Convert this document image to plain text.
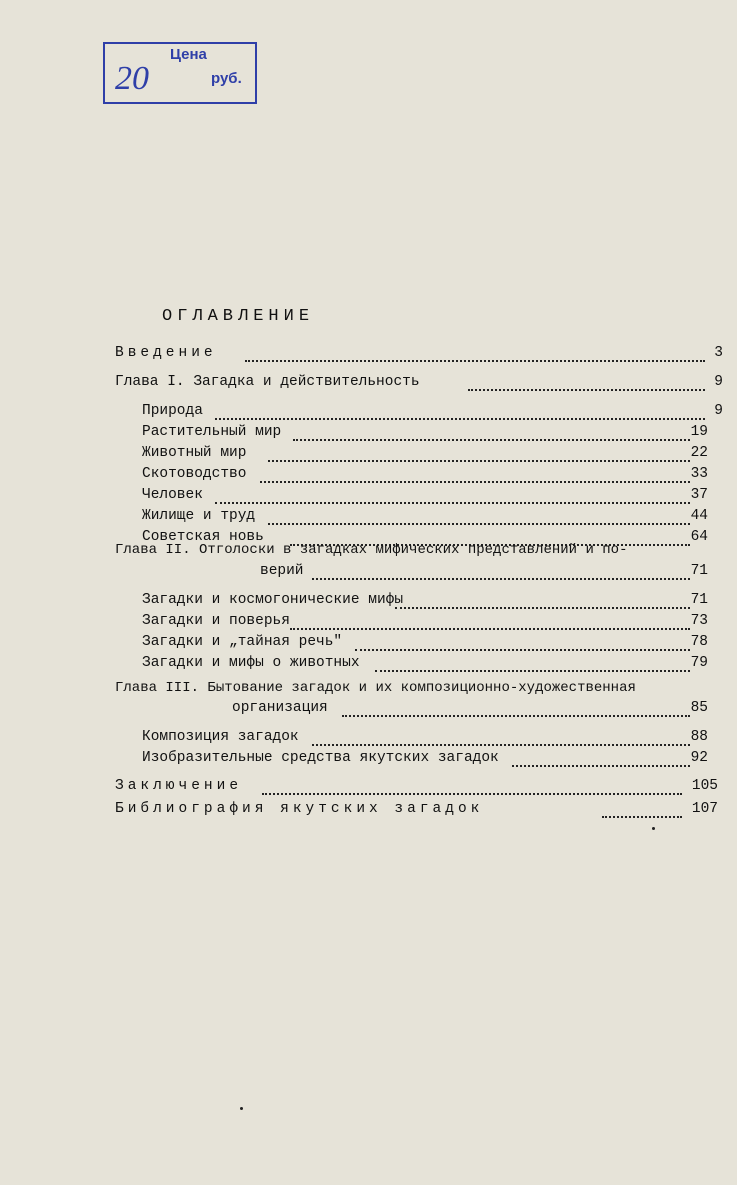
Цена
20	руб.
ОГЛАВЛЕНИЕ
Введение	3
Глава I. Загадка и действительность	9
Природа	9
Растительный мир	19
Животный мир	22
Скотоводство	33
Человек	37
Жилище и труд	44
Советская новь	64
Глава II. Отголоски в загадках мифических представлений и по-
верий	71
Загадки и космогонические мифы	71
Загадки и поверья	73
Загадки и „тайная речь"	78
Загадки и мифы о животных	79
Глава III. Бытование загадок и их композиционно-художественная
организация	85
Композиция загадок	88
Изобразительные средства якутских загадок	92
Заключение	105
Библиография якутских загадок	107
